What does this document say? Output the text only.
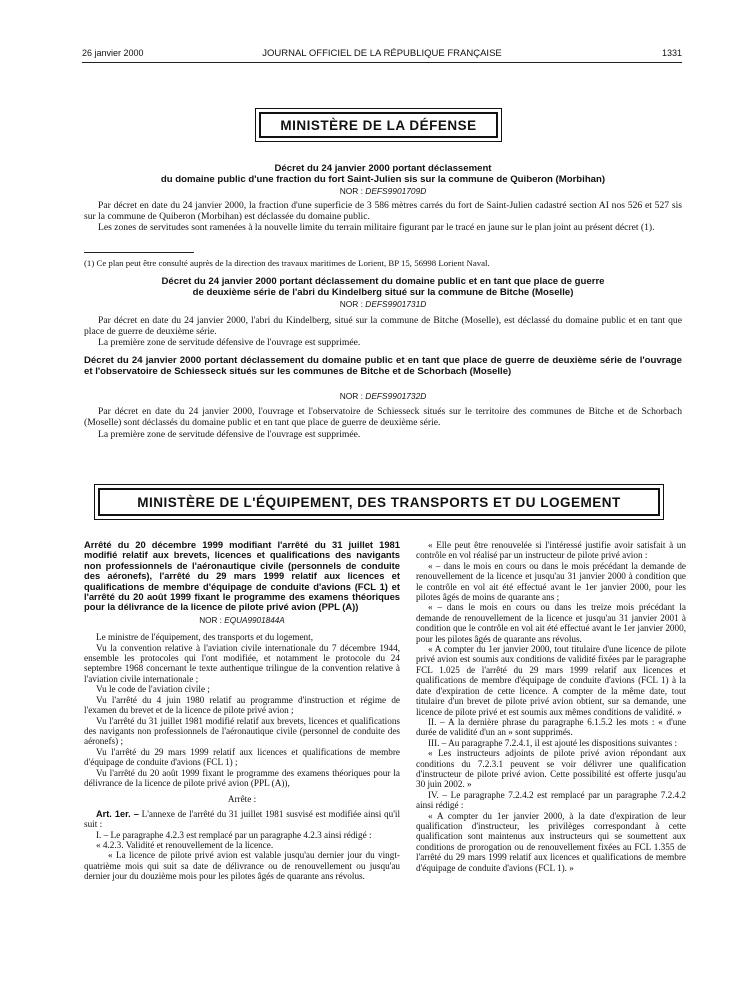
26 janvier 2000	JOURNAL OFFICIEL DE LA RÉPUBLIQUE FRANÇAISE	1331
MINISTÈRE DE LA DÉFENSE
Décret du 24 janvier 2000 portant déclassement
du domaine public d'une fraction du fort Saint-Julien sis sur la commune de Quiberon (Morbihan)
NOR : DEFS9901709D

Par décret en date du 24 janvier 2000, la fraction d'une superficie de 3 586 mètres carrés du fort de Saint-Julien cadastré section AI nos 526 et 527 sis sur la commune de Quiberon (Morbihan) est déclassée du domaine public.

Les zones de servitudes sont ramenées à la nouvelle limite du terrain militaire figurant par le tracé en jaune sur le plan joint au présent décret (1).

(1) Ce plan peut être consulté auprès de la direction des travaux maritimes de Lorient, BP 15, 56998 Lorient Naval.
Décret du 24 janvier 2000 portant déclassement du domaine public et en tant que place de guerre
de deuxième série de l'abri du Kindelberg situé sur la commune de Bitche (Moselle)
NOR : DEFS9901731D

Par décret en date du 24 janvier 2000, l'abri du Kindelberg, situé sur la commune de Bitche (Moselle), est déclassé du domaine public et en tant que place de guerre de deuxième série.

La première zone de servitude défensive de l'ouvrage est supprimée.

Décret du 24 janvier 2000 portant déclassement du domaine public et en tant que place de guerre de deuxième série de l'ouvrage et l'observatoire de Schiesseck situés sur les communes de Bitche et de Schorbach (Moselle)
NOR : DEFS9901732D

Par décret en date du 24 janvier 2000, l'ouvrage et l'observatoire de Schiesseck situés sur le territoire des communes de Bitche et de Schorbach (Moselle) sont déclassés du domaine public et en tant que place de guerre de deuxième série.

La première zone de servitude défensive de l'ouvrage est supprimée.

MINISTÈRE DE L'ÉQUIPEMENT, DES TRANSPORTS ET DU LOGEMENT
Arrêté du 20 décembre 1999 modifiant l'arrêté du 31 juillet 1981 modifié relatif aux brevets, licences et qualifications des navigants non professionnels de l'aéronautique civile (personnels de conduite des aéronefs), l'arrêté du 29 mars 1999 relatif aux licences et qualifications de membre d'équipage de conduite d'avions (FCL 1) et l'arrêté du 20 août 1999 fixant le programme des examens théoriques pour la délivrance de la licence de pilote privé avion (PPL (A))
NOR : EQUA9901844A

Le ministre de l'équipement, des transports et du logement,

Vu la convention relative à l'aviation civile internationale du 7 décembre 1944, ensemble les protocoles qui l'ont modifiée, et notamment le protocole du 24 septembre 1968 concernant le texte authentique trilingue de la convention relative à l'aviation civile internationale ;

Vu le code de l'aviation civile ;

Vu l'arrêté du 4 juin 1980 relatif au programme d'instruction et régime de l'examen du brevet et de la licence de pilote privé avion ;

Vu l'arrêté du 31 juillet 1981 modifié relatif aux brevets, licences et qualifications des navigants non professionnels de l'aéronautique civile (personnel de conduite des aéronefs) ;

Vu l'arrêté du 29 mars 1999 relatif aux licences et qualifications de membre d'équipage de conduite d'avions (FCL 1) ;

Vu l'arrêté du 20 août 1999 fixant le programme des examens théoriques pour la délivrance de la licence de pilote privé avion (PPL (A)),

Arrête :

Art. 1er. – L'annexe de l'arrêté du 31 juillet 1981 susvisé est modifiée ainsi qu'il suit :

I. – Le paragraphe 4.2.3 est remplacé par un paragraphe 4.2.3 ainsi rédigé :

« 4.2.3. Validité et renouvellement de la licence.

« La licence de pilote privé avion est valable jusqu'au dernier jour du vingt-quatrième mois qui suit sa date de délivrance ou de renouvellement ou jusqu'au dernier jour du douzième mois pour les pilotes âgés de quarante ans révolus.

« Elle peut être renouvelée si l'intéressé justifie avoir satisfait à un contrôle en vol réalisé par un instructeur de pilote privé avion :

« – dans le mois en cours ou dans le mois précédant la demande de renouvellement de la licence et jusqu'au 31 janvier 2000 à condition que le contrôle en vol ait été effectué avant le 1er janvier 2000, pour les pilotes âgés de moins de quarante ans ;

« – dans le mois en cours ou dans les treize mois précédant la demande de renouvellement de la licence et jusqu'au 31 janvier 2001 à condition que le contrôle en vol ait été effectué avant le 1er janvier 2000, pour les pilotes âgés de quarante ans révolus.

« A compter du 1er janvier 2000, tout titulaire d'une licence de pilote privé avion est soumis aux conditions de validité fixées par le paragraphe FCL 1.025 de l'arrêté du 29 mars 1999 relatif aux licences et qualifications de membre d'équipage de conduite d'avions (FCL 1) à la date d'expiration de cette licence. A compter de la même date, tout titulaire d'un brevet de pilote privé avion obtient, sur sa demande, une licence de pilote privé et est soumis aux mêmes conditions de validité. »

II. – A la dernière phrase du paragraphe 6.1.5.2 les mots : « d'une durée de validité d'un an » sont supprimés.

III. – Au paragraphe 7.2.4.1, il est ajouté les dispositions suivantes :

« Les instructeurs adjoints de pilote privé avion répondant aux conditions du 7.2.3.1 peuvent se voir délivrer une qualification d'instructeur de pilote privé avion. Cette possibilité est offerte jusqu'au 30 juin 2002. »

IV. – Le paragraphe 7.2.4.2 est remplacé par un paragraphe 7.2.4.2 ainsi rédigé :

« A compter du 1er janvier 2000, à la date d'expiration de leur qualification d'instructeur, les privilèges correspondant à cette qualification sont maintenus aux instructeurs qui se soumettent aux conditions de prorogation ou de renouvellement fixées au FCL 1.355 de l'arrêté du 29 mars 1999 relatif aux licences et qualifications de membre d'équipage de conduite d'avions (FCL 1). »
